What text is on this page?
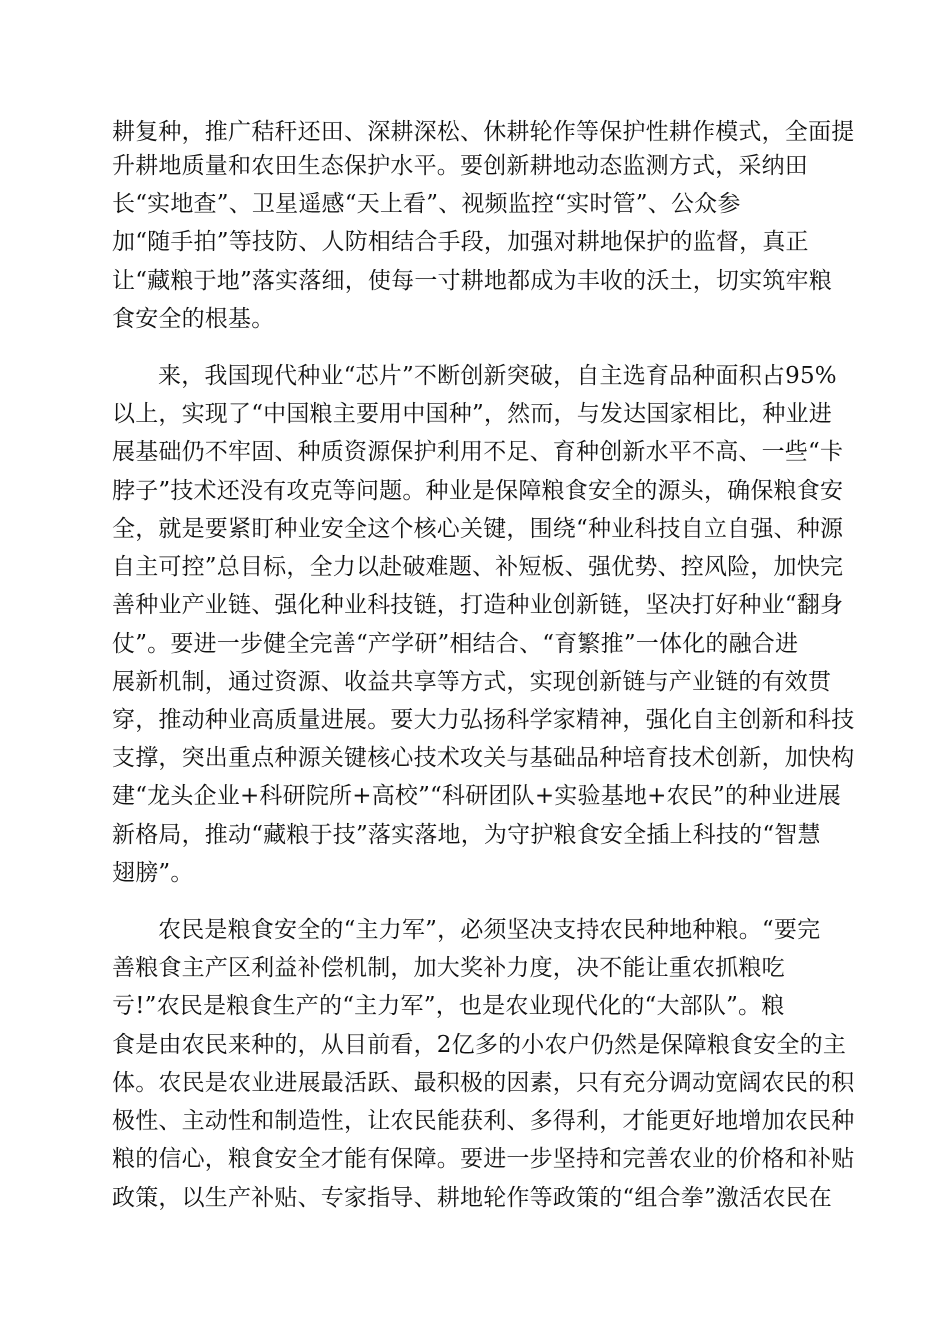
耕复种，推广秸秆还田、深耕深松、休耕轮作等保护性耕作模式，全面提
升耕地质量和农田生态保护水平。要创新耕地动态监测方式，采纳田
长“实地查”、卫星遥感“天上看”、视频监控“实时管”、公众参
加“随手拍”等技防、人防相结合手段，加强对耕地保护的监督，真正
让“藏粮于地”落实落细，使每一寸耕地都成为丰收的沃土，切实筑牢粮
食安全的根基。
来，我国现代种业“芯片”不断创新突破，自主选育品种面积占95%
以上，实现了“中国粮主要用中国种”，然而，与发达国家相比，种业进
展基础仍不牢固、种质资源保护利用不足、育种创新水平不高、一些“卡
脖子”技术还没有攻克等问题。种业是保障粮食安全的源头，确保粮食安
全，就是要紧盯种业安全这个核心关键，围绕“种业科技自立自强、种源
自主可控”总目标，全力以赴破难题、补短板、强优势、控风险，加快完
善种业产业链、强化种业科技链，打造种业创新链，坚决打好种业“翻身
仗”。要进一步健全完善“产学研”相结合、“育繁推”一体化的融合进
展新机制，通过资源、收益共享等方式，实现创新链与产业链的有效贯
穿，推动种业高质量进展。要大力弘扬科学家精神，强化自主创新和科技
支撑，突出重点种源关键核心技术攻关与基础品种培育技术创新，加快构
建“龙头企业+科研院所+高校”“科研团队+实验基地+农民”的种业进展
新格局，推动“藏粮于技”落实落地，为守护粮食安全插上科技的“智慧
翅膀”。
农民是粮食安全的“主力军”，必须坚决支持农民种地种粮。“要完
善粮食主产区利益补偿机制，加大奖补力度，决不能让重农抓粮吃
亏!”农民是粮食生产的“主力军”，也是农业现代化的“大部队”。粮
食是由农民来种的，从目前看，2亿多的小农户仍然是保障粮食安全的主
体。农民是农业进展最活跃、最积极的因素，只有充分调动宽阔农民的积
极性、主动性和制造性，让农民能获利、多得利，才能更好地增加农民种
粮的信心，粮食安全才能有保障。要进一步坚持和完善农业的价格和补贴
政策，以生产补贴、专家指导、耕地轮作等政策的“组合拳”激活农民在
